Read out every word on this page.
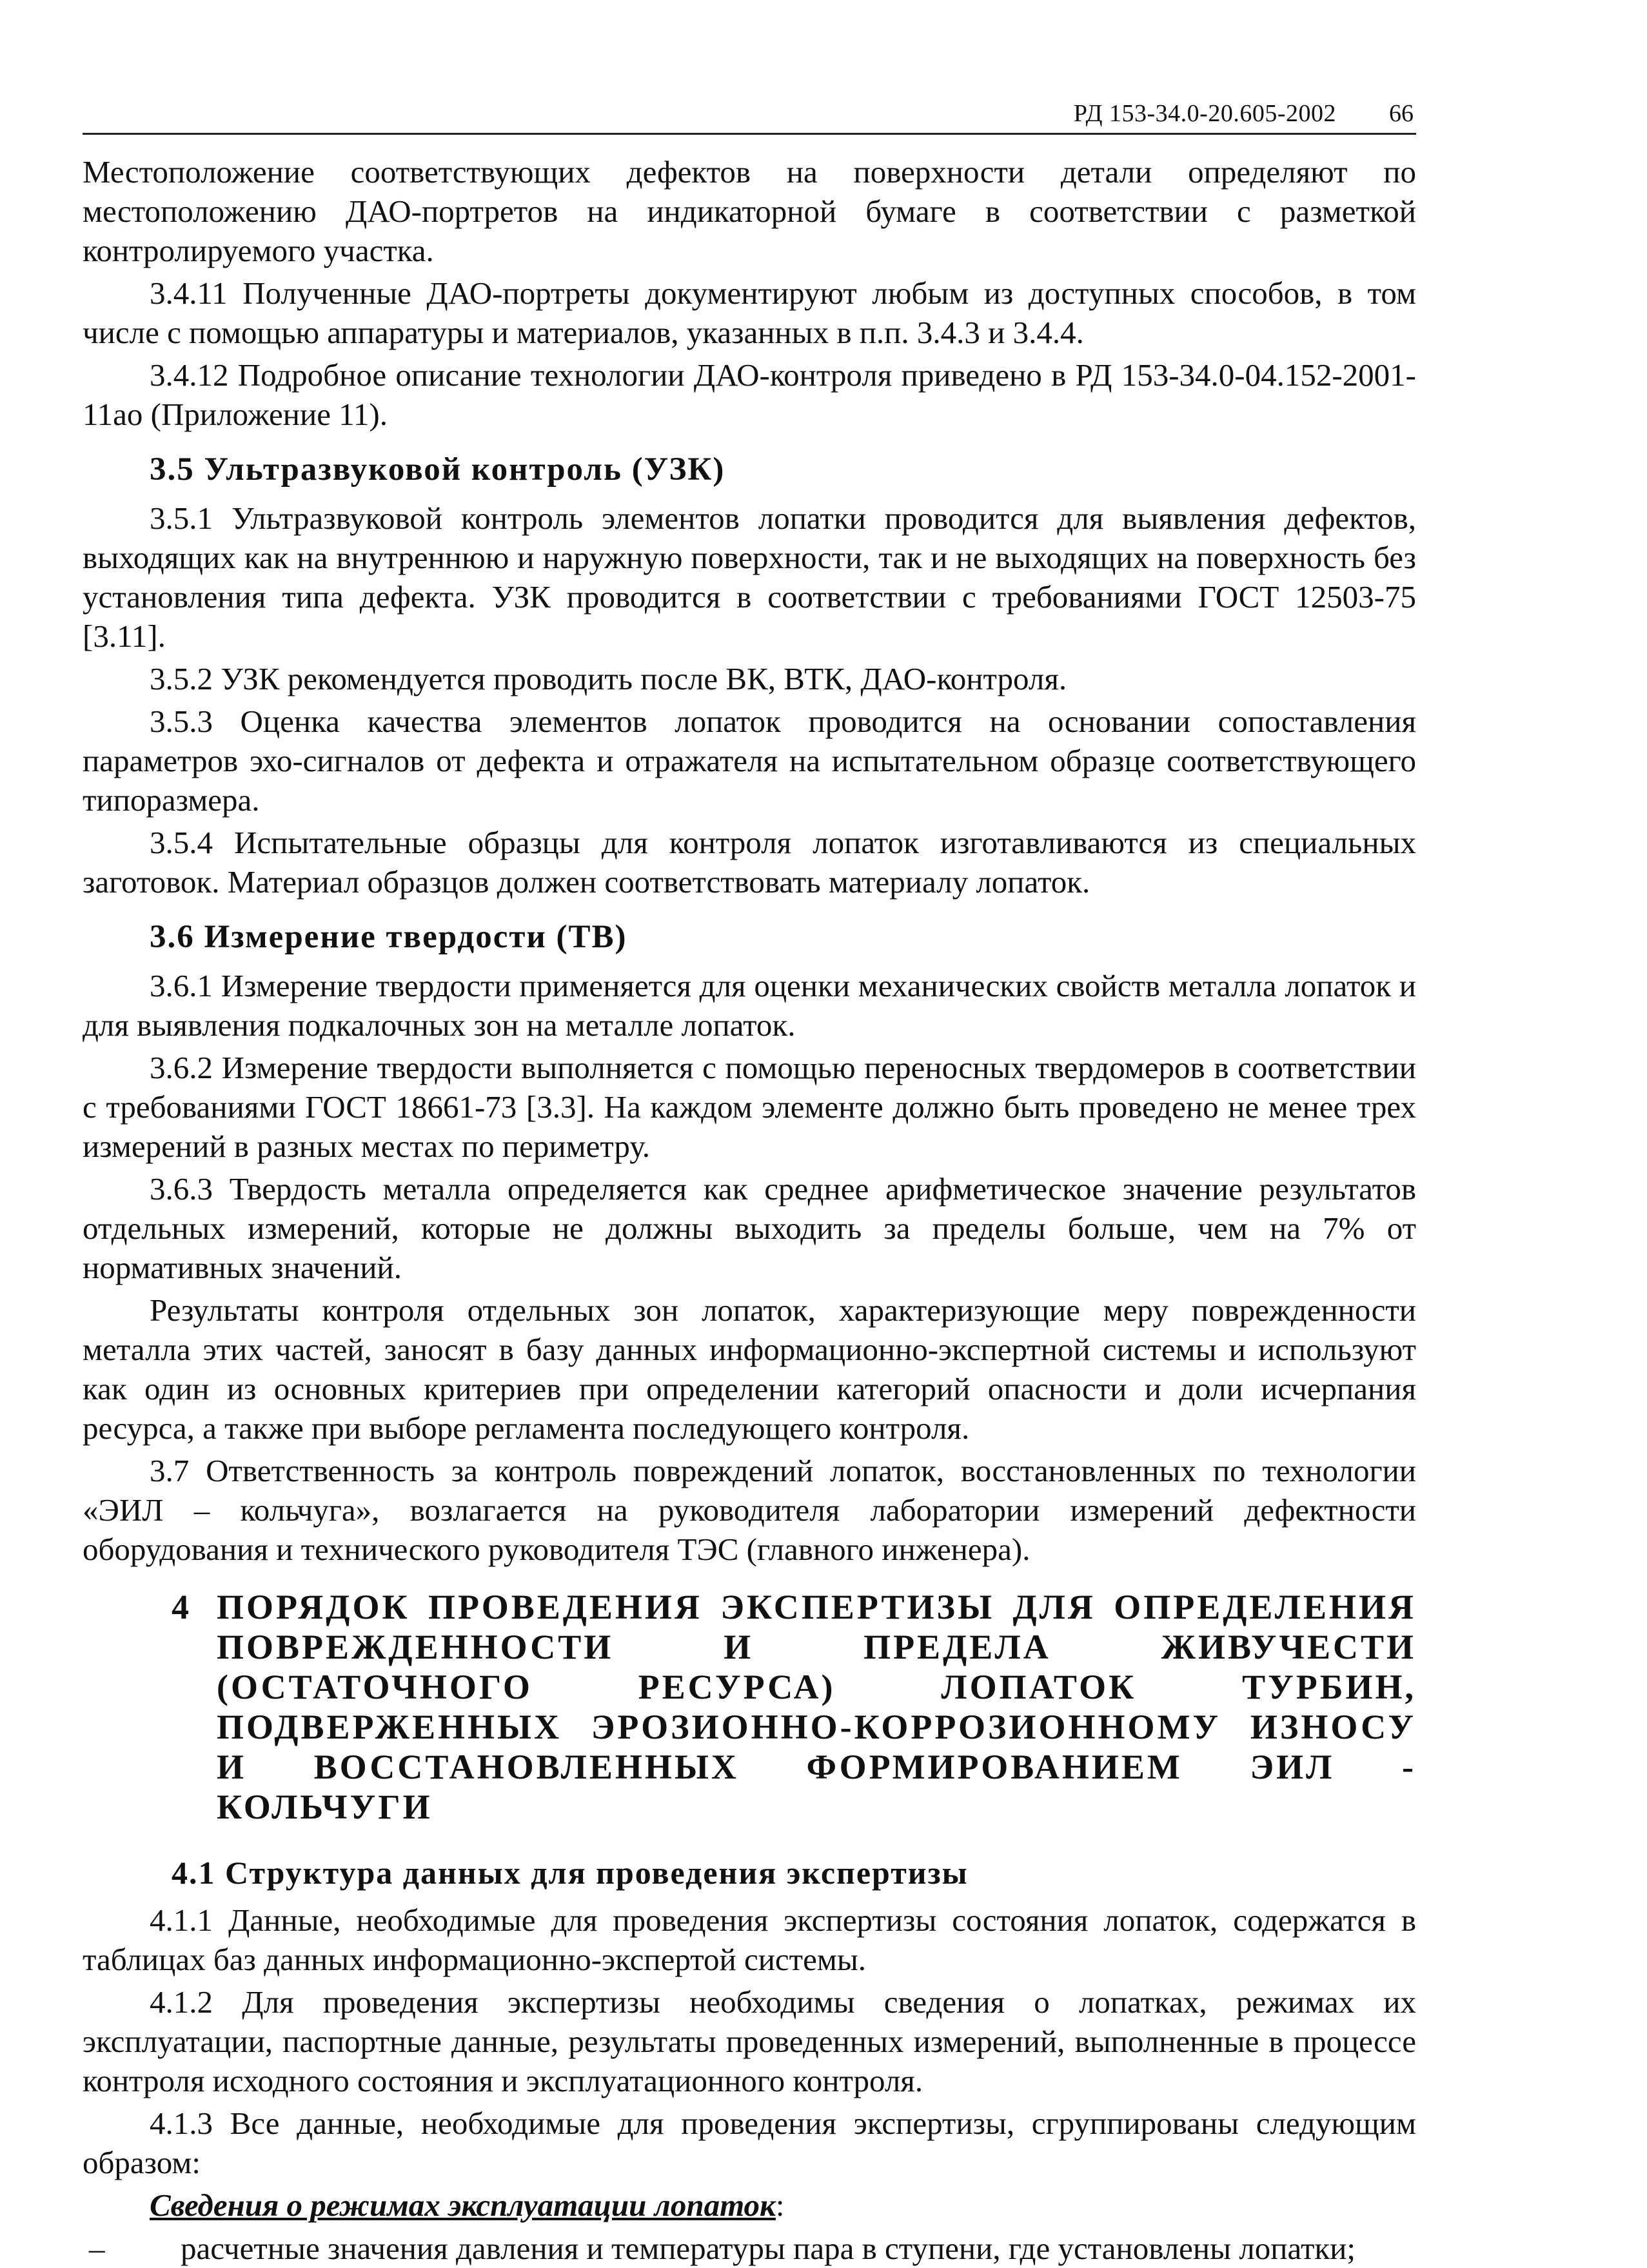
РД 153-34.0-20.605-2002 66

Местоположение соответствующих дефектов на поверхности детали определяют по местоположению ДАО-портретов на индикаторной бумаге в соответствии с разметкой контролируемого участка.

3.4.11 Полученные ДАО-портреты документируют любым из доступных способов, в том числе с помощью аппаратуры и материалов, указанных в п.п. 3.4.3 и 3.4.4.

3.4.12 Подробное описание технологии ДАО-контроля приведено в РД 153-34.0-04.152-2001-11ао (Приложение 11).

3.5 Ультразвуковой контроль (УЗК)

3.5.1 Ультразвуковой контроль элементов лопатки проводится для выявления дефектов, выходящих как на внутреннюю и наружную поверхности, так и не выходящих на поверхность без установления типа дефекта. УЗК проводится в соответствии с требованиями ГОСТ 12503-75 [3.11].

3.5.2 УЗК рекомендуется проводить после ВК, ВТК, ДАО-контроля.

3.5.3 Оценка качества элементов лопаток проводится на основании сопоставления параметров эхо-сигналов от дефекта и отражателя на испытательном образце соответствующего типоразмера.

3.5.4 Испытательные образцы для контроля лопаток изготавливаются из специальных заготовок. Материал образцов должен соответствовать материалу лопаток.

3.6 Измерение твердости (ТВ)

3.6.1 Измерение твердости применяется для оценки механических свойств металла лопаток и для выявления подкалочных зон на металле лопаток.

3.6.2 Измерение твердости выполняется с помощью переносных твердомеров в соответствии с требованиями ГОСТ 18661-73 [3.3]. На каждом элементе должно быть проведено не менее трех измерений в разных местах по периметру.

3.6.3 Твердость металла определяется как среднее арифметическое значение результатов отдельных измерений, которые не должны выходить за пределы больше, чем на 7% от нормативных значений.

Результаты контроля отдельных зон лопаток, характеризующие меру поврежденности металла этих частей, заносят в базу данных информационно-экспертной системы и используют как один из основных критериев при определении категорий опасности и доли исчерпания ресурса, а также при выборе регламента последующего контроля.

3.7 Ответственность за контроль повреждений лопаток, восстановленных по технологии «ЭИЛ – кольчуга», возлагается на руководителя лаборатории измерений дефектности оборудования и технического руководителя ТЭС (главного инженера).

4 ПОРЯДОК ПРОВЕДЕНИЯ ЭКСПЕРТИЗЫ ДЛЯ ОПРЕДЕЛЕНИЯ ПОВРЕЖДЕННОСТИ И ПРЕДЕЛА ЖИВУЧЕСТИ (ОСТАТОЧНОГО РЕСУРСА) ЛОПАТОК ТУРБИН, ПОДВЕРЖЕННЫХ ЭРОЗИОННО-КОРРОЗИОННОМУ ИЗНОСУ И ВОССТАНОВЛЕННЫХ ФОРМИРОВАНИЕМ ЭИЛ - КОЛЬЧУГИ
4.1 Структура данных для проведения экспертизы

4.1.1 Данные, необходимые для проведения экспертизы состояния лопаток, содержатся в таблицах баз данных информационно-экспертой системы.

4.1.2 Для проведения экспертизы необходимы сведения о лопатках, режимах их эксплуатации, паспортные данные, результаты проведенных измерений, выполненные в процессе контроля исходного состояния и эксплуатационного контроля.

4.1.3 Все данные, необходимые для проведения экспертизы, сгруппированы следующим образом:

Сведения о режимах эксплуатации лопаток:

–	расчетные значения давления и температуры пара в ступени, где установлены лопатки;
